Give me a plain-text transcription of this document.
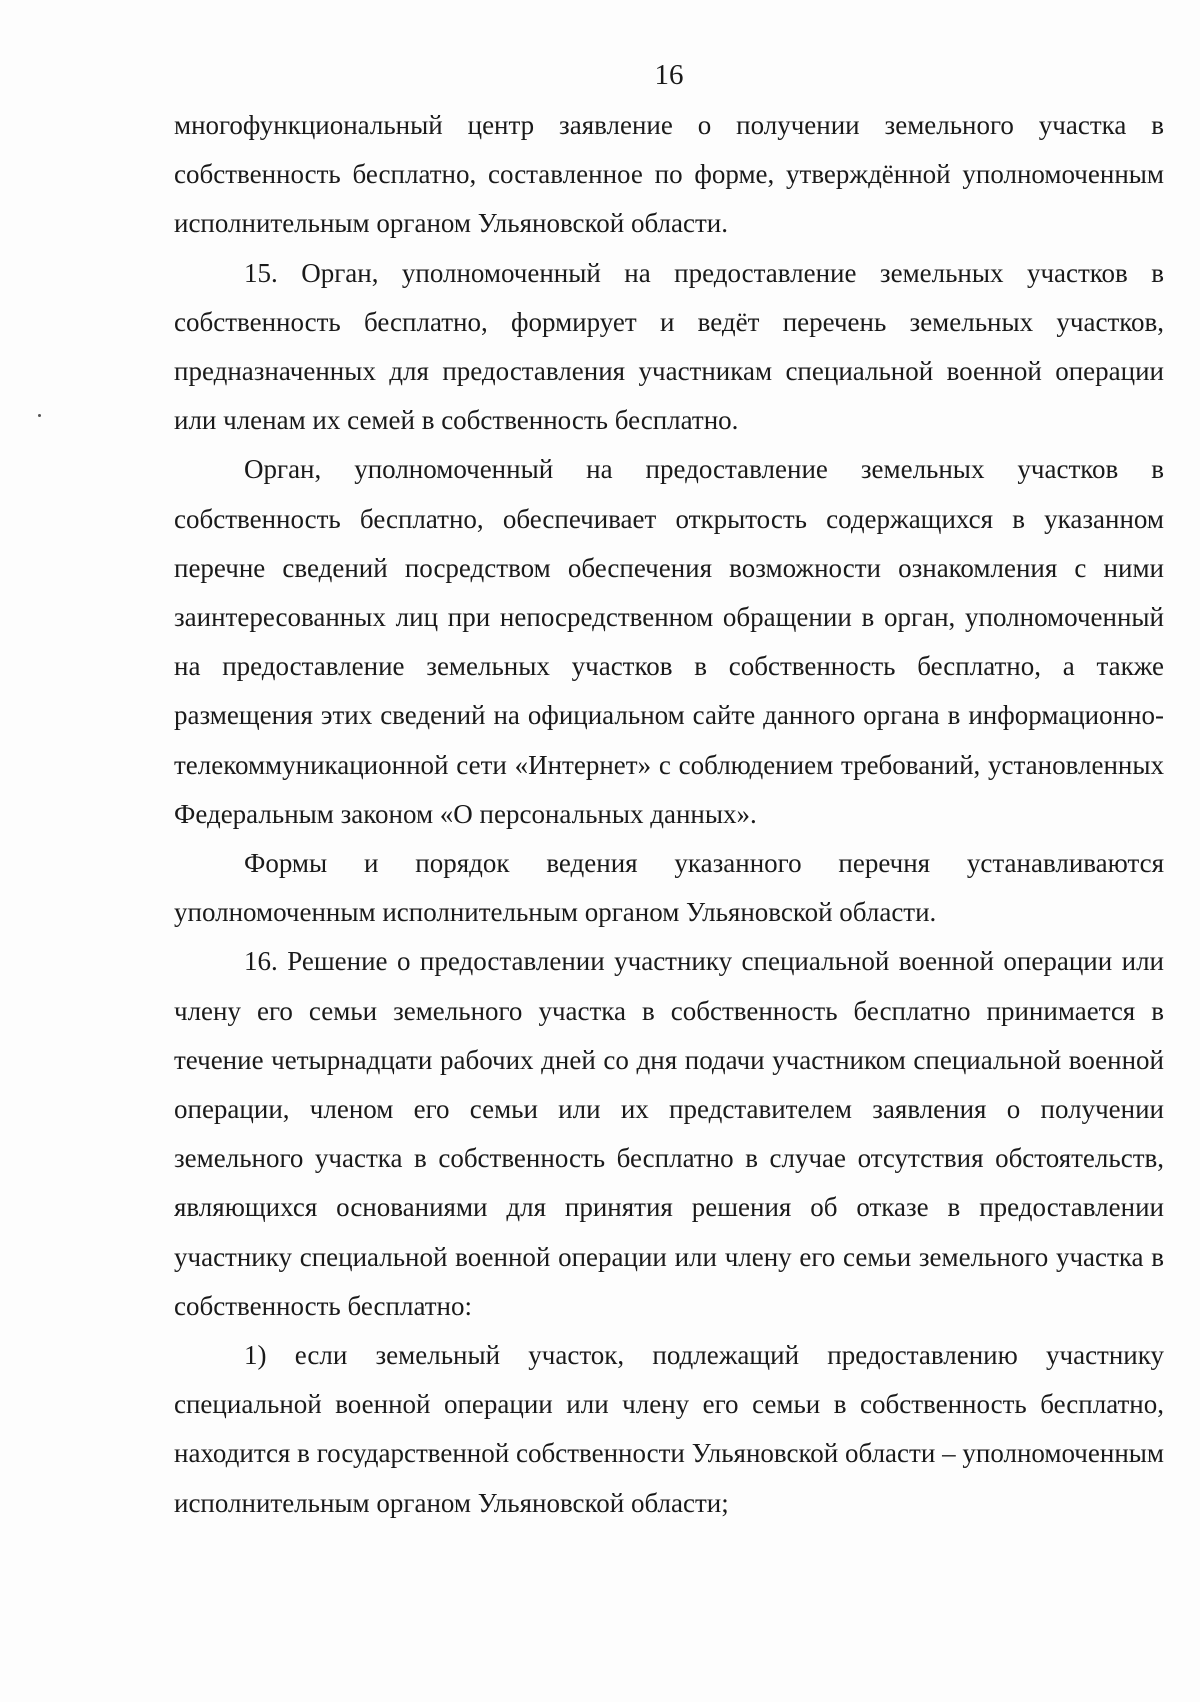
16

многофункциональный центр заявление о получении земельного участка в собственность бесплатно, составленное по форме, утверждённой уполномоченным исполнительным органом Ульяновской области.

15. Орган, уполномоченный на предоставление земельных участков в собственность бесплатно, формирует и ведёт перечень земельных участков, предназначенных для предоставления участникам специальной военной операции или членам их семей в собственность бесплатно.

Орган, уполномоченный на предоставление земельных участков в собственность бесплатно, обеспечивает открытость содержащихся в указанном перечне сведений посредством обеспечения возможности ознакомления с ними заинтересованных лиц при непосредственном обращении в орган, уполномоченный на предоставление земельных участков в собственность бесплатно, а также размещения этих сведений на официальном сайте данного органа в информационно-телекоммуникационной сети «Интернет» с соблюдением требований, установленных Федеральным законом «О персональных данных».

Формы и порядок ведения указанного перечня устанавливаются уполномоченным исполнительным органом Ульяновской области.

16. Решение о предоставлении участнику специальной военной операции или члену его семьи земельного участка в собственность бесплатно принимается в течение четырнадцати рабочих дней со дня подачи участником специальной военной операции, членом его семьи или их представителем заявления о получении земельного участка в собственность бесплатно в случае отсутствия обстоятельств, являющихся основаниями для принятия решения об отказе в предоставлении участнику специальной военной операции или члену его семьи земельного участка в собственность бесплатно:

1) если земельный участок, подлежащий предоставлению участнику специальной военной операции или члену его семьи в собственность бесплатно, находится в государственной собственности Ульяновской области – уполномоченным исполнительным органом Ульяновской области;
